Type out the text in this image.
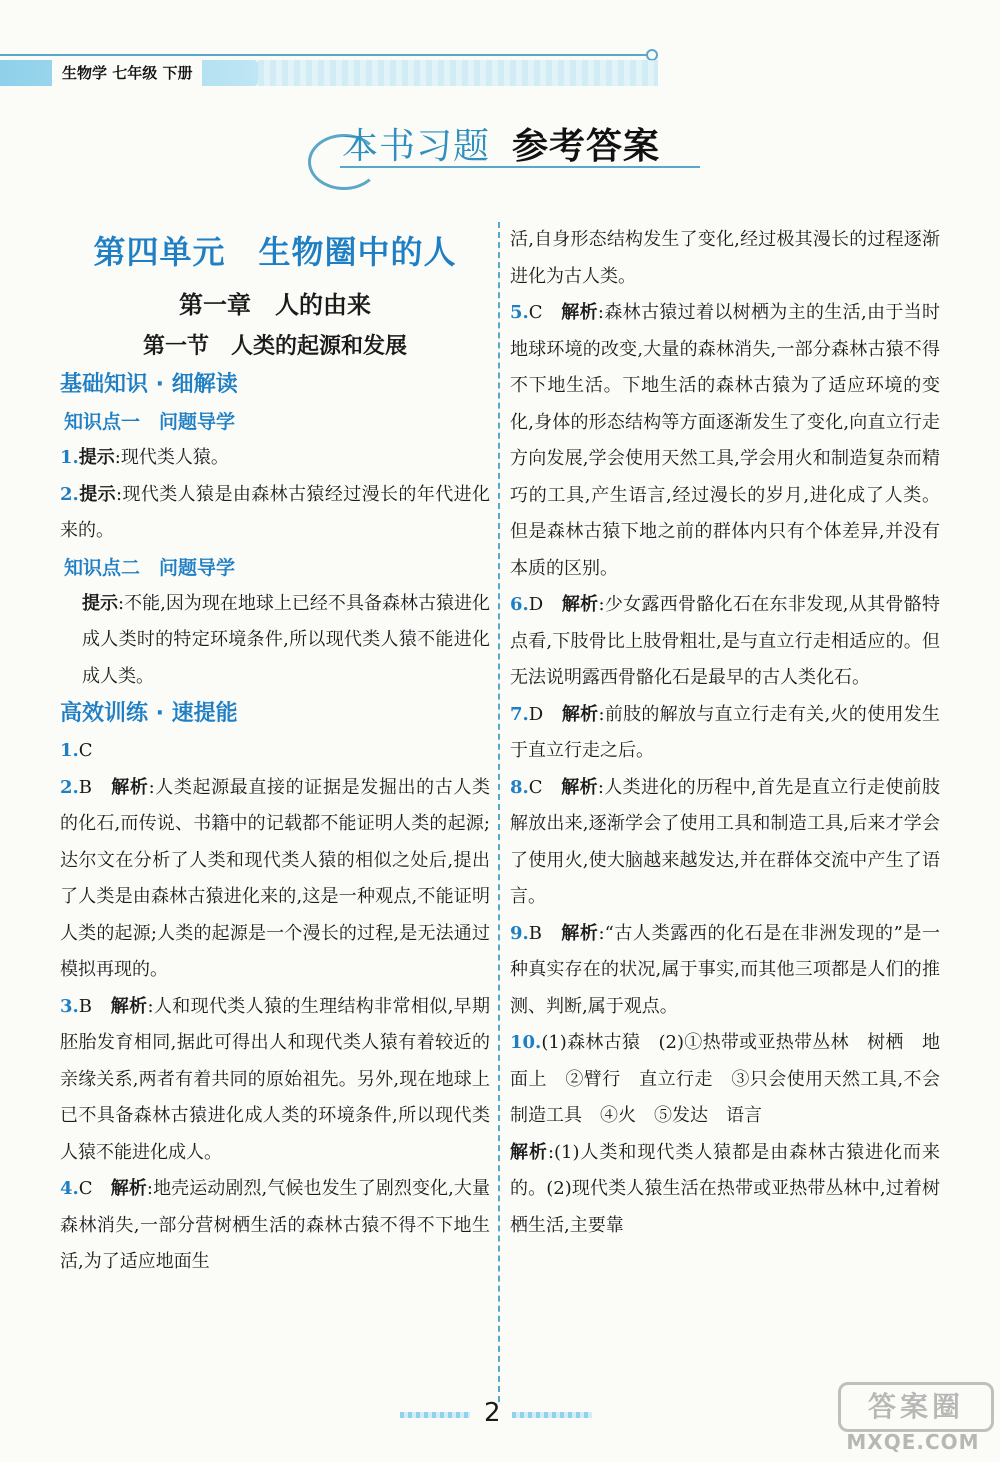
生物学 七年级 下册
本书习题 参考答案
第四单元　生物圈中的人
第一章　人的由来
第一节　人类的起源和发展
基础知识 · 细解读
知识点一　问题导学

1.提示:现代类人猿。

2.提示:现代类人猿是由森林古猿经过漫长的年代进化来的。

知识点二　问题导学

提示:不能,因为现在地球上已经不具备森林古猿进化成人类时的特定环境条件,所以现代类人猿不能进化成人类。

高效训练 · 速提能

1.C

2.B　 解析:人类起源最直接的证据是发掘出的古人类的化石,而传说、书籍中的记载都不能证明人类的起源;达尔文在分析了人类和现代类人猿的相似之处后,提出了人类是由森林古猿进化来的,这是一种观点,不能证明人类的起源;人类的起源是一个漫长的过程,是无法通过模拟再现的。

3.B　 解析:人和现代类人猿的生理结构非常相似,早期胚胎发育相同,据此可得出人和现代类人猿有着较近的亲缘关系,两者有着共同的原始祖先。另外,现在地球上已不具备森林古猿进化成人类的环境条件,所以现代类人猿不能进化成人。

4.C　 解析:地壳运动剧烈,气候也发生了剧烈变化,大量森林消失,一部分营树栖生活的森林古猿不得不下地生活,为了适应地面生

活,自身形态结构发生了变化,经过极其漫长的过程逐渐进化为古人类。

5.C　 解析:森林古猿过着以树栖为主的生活,由于当时地球环境的改变,大量的森林消失,一部分森林古猿不得不下地生活。下地生活的森林古猿为了适应环境的变化,身体的形态结构等方面逐渐发生了变化,向直立行走方向发展,学会使用天然工具,学会用火和制造复杂而精巧的工具,产生语言,经过漫长的岁月,进化成了人类。但是森林古猿下地之前的群体内只有个体差异,并没有本质的区别。

6.D　 解析:少女露西骨骼化石在东非发现,从其骨骼特点看,下肢骨比上肢骨粗壮,是与直立行走相适应的。但无法说明露西骨骼化石是最早的古人类化石。

7.D　 解析:前肢的解放与直立行走有关,火的使用发生于直立行走之后。

8.C　 解析:人类进化的历程中,首先是直立行走使前肢解放出来,逐渐学会了使用工具和制造工具,后来才学会了使用火,使大脑越来越发达,并在群体交流中产生了语言。

9.B　 解析:“古人类露西的化石是在非洲发现的”是一种真实存在的状况,属于事实,而其他三项都是人们的推测、判断,属于观点。

10.(1)森林古猿　(2)①热带或亚热带丛林　树栖　地面上　②臂行　直立行走　③只会使用天然工具,不会制造工具　④火　⑤发达　语言

解析:(1)人类和现代类人猿都是由森林古猿进化而来的。(2)现代类人猿生活在热带或亚热带丛林中,过着树栖生活,主要靠

2	答案圈
MXQE.COM
